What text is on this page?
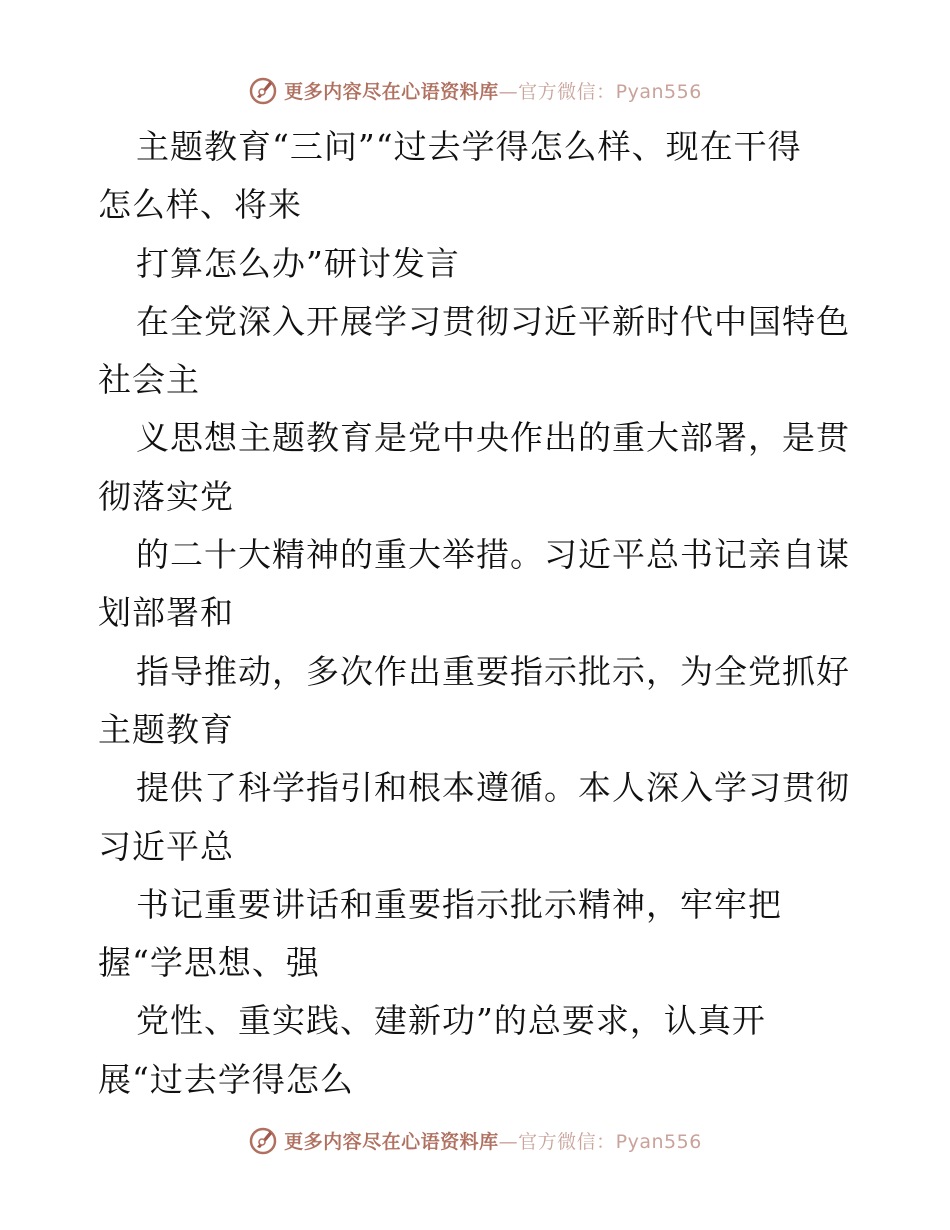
更多内容尽在心语资料库—官方微信：Pyan556
主题教育“三问”“过去学得怎么样、现在干得
怎么样、将来
打算怎么办”研讨发言
在全党深入开展学习贯彻习近平新时代中国特色
社会主
义思想主题教育是党中央作出的重大部署，是贯
彻落实党
的二十大精神的重大举措。习近平总书记亲自谋
划部署和
指导推动，多次作出重要指示批示，为全党抓好
主题教育
提供了科学指引和根本遵循。本人深入学习贯彻
习近平总
书记重要讲话和重要指示批示精神，牢牢把
握“学思想、强
党性、重实践、建新功”的总要求，认真开
展“过去学得怎么
更多内容尽在心语资料库—官方微信：Pyan556
